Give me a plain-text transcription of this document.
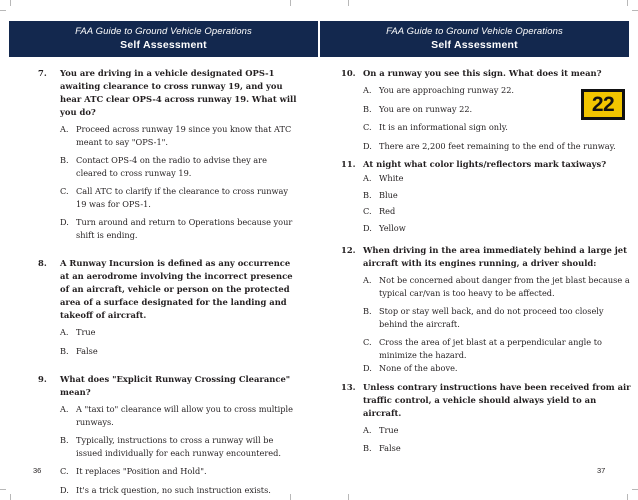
FAA Guide to Ground Vehicle Operations
Self Assessment
7. You are driving in a vehicle designated OPS-1 awaiting clearance to cross runway 19, and you hear ATC clear OPS-4 across runway 19. What will you do?
A. Proceed across runway 19 since you know that ATC meant to say "OPS-1".
B. Contact OPS-4 on the radio to advise they are cleared to cross runway 19.
C. Call ATC to clarify if the clearance to cross runway 19 was for OPS-1.
D. Turn around and return to Operations because your shift is ending.
8. A Runway Incursion is defined as any occurrence at an aerodrome involving the incorrect presence of an aircraft, vehicle or person on the protected area of a surface designated for the landing and takeoff of aircraft.
A. True
B. False
9. What does "Explicit Runway Crossing Clearance" mean?
A. A "taxi to" clearance will allow you to cross multiple runways.
B. Typically, instructions to cross a runway will be issued individually for each runway encountered.
C. It replaces "Position and Hold".
D. It's a trick question, no such instruction exists.
36
FAA Guide to Ground Vehicle Operations
Self Assessment
10. On a runway you see this sign. What does it mean?
22
A. You are approaching runway 22.
B. You are on runway 22.
C. It is an informational sign only.
D. There are 2,200 feet remaining to the end of the runway.
11. At night what color lights/reflectors mark taxiways?
A. White
B. Blue
C. Red
D. Yellow
12. When driving in the area immediately behind a large jet aircraft with its engines running, a driver should:
A. Not be concerned about danger from the jet blast because a typical car/van is too heavy to be affected.
B. Stop or stay well back, and do not proceed too closely behind the aircraft.
C. Cross the area of jet blast at a perpendicular angle to minimize the hazard.
D. None of the above.
13. Unless contrary instructions have been received from air traffic control, a vehicle should always yield to an aircraft.
A. True
B. False
37
